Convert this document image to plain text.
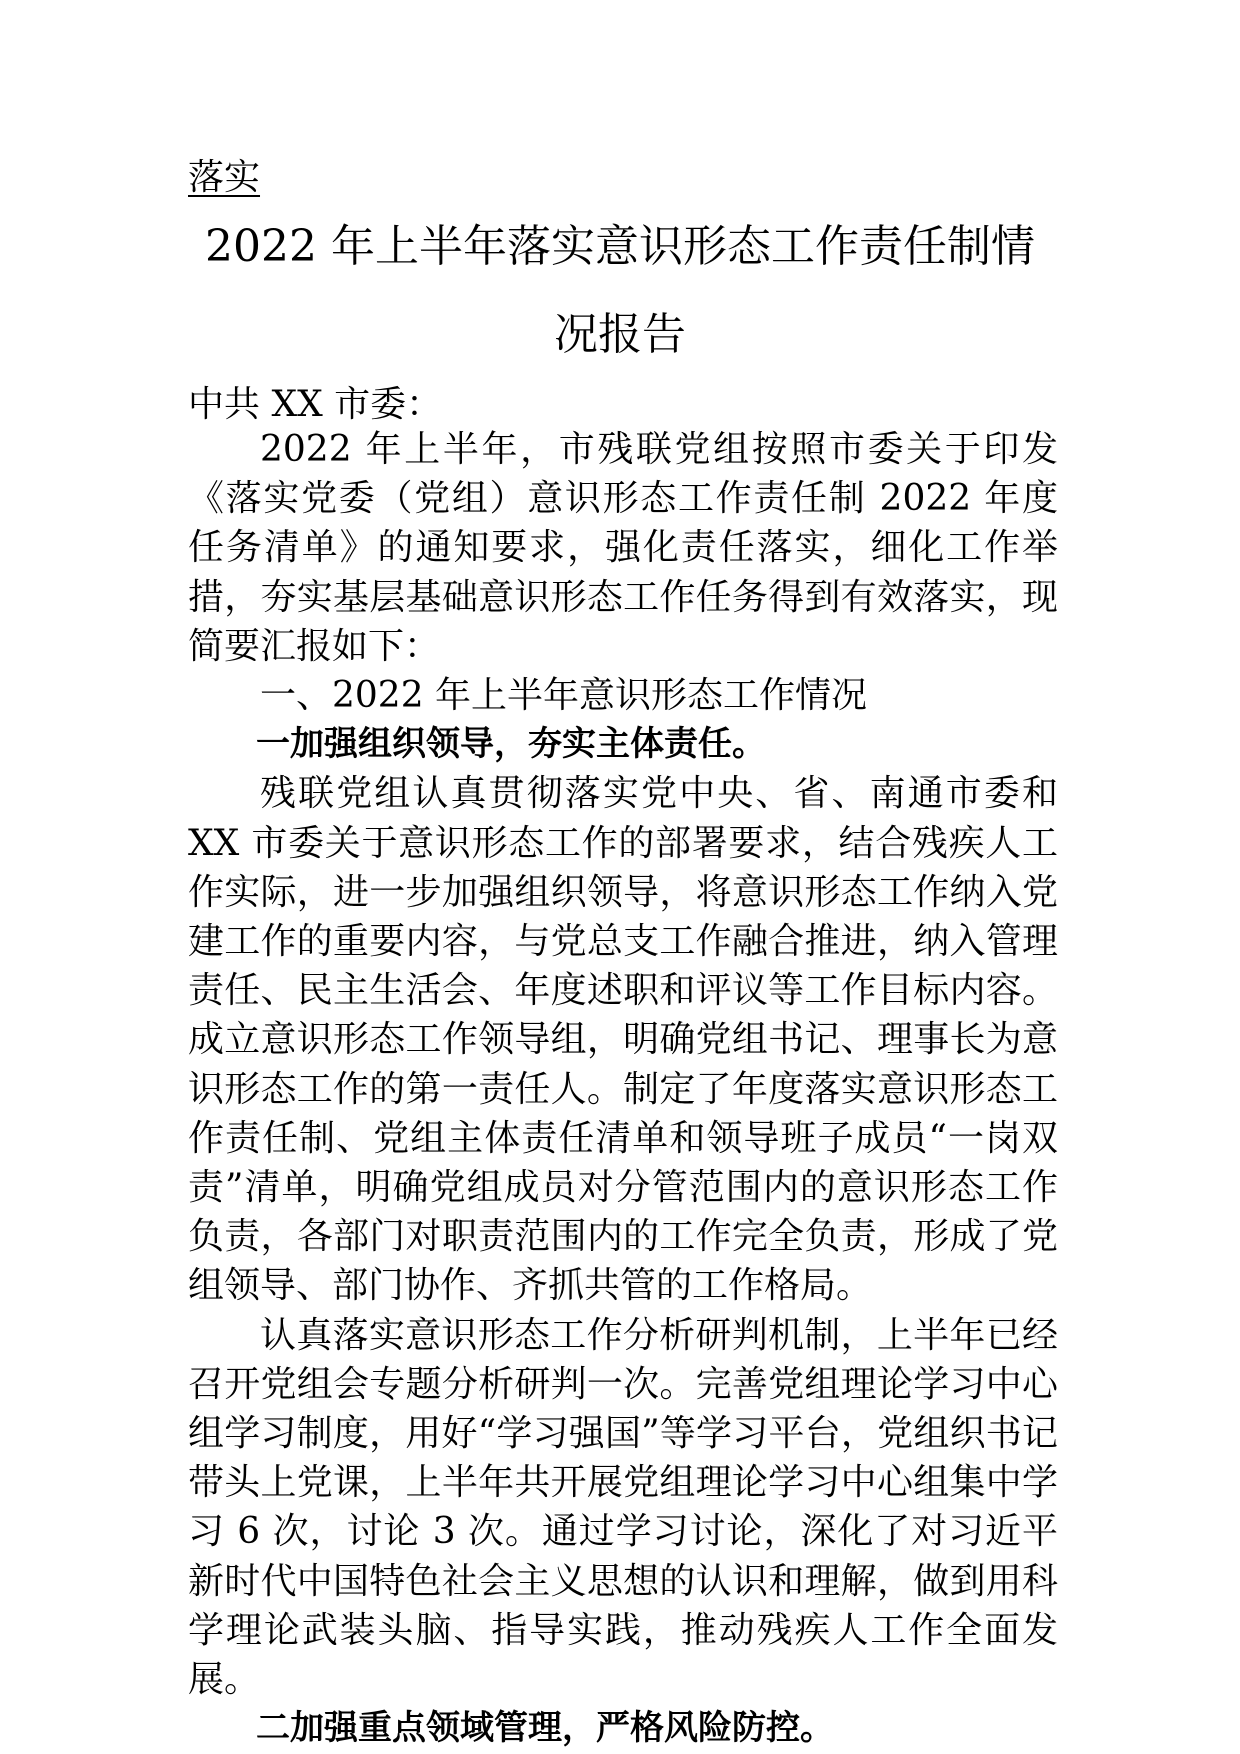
落实
2022 年上半年落实意识形态工作责任制情
况报告
中共 XX 市委：

2022 年上半年，市残联党组按照市委关于印发《落实党委（党组）意识形态工作责任制 2022 年度任务清单》的通知要求，强化责任落实，细化工作举措，夯实基层基础意识形态工作任务得到有效落实，现简要汇报如下：

一、2022 年上半年意识形态工作情况

一加强组织领导，夯实主体责任。

残联党组认真贯彻落实党中央、省、南通市委和 XX 市委关于意识形态工作的部署要求，结合残疾人工作实际，进一步加强组织领导，将意识形态工作纳入党建工作的重要内容，与党总支工作融合推进，纳入管理责任、民主生活会、年度述职和评议等工作目标内容。成立意识形态工作领导组，明确党组书记、理事长为意识形态工作的第一责任人。制定了年度落实意识形态工作责任制、党组主体责任清单和领导班子成员“一岗双责”清单，明确党组成员对分管范围内的意识形态工作负责，各部门对职责范围内的工作完全负责，形成了党组领导、部门协作、齐抓共管的工作格局。

认真落实意识形态工作分析研判机制，上半年已经召开党组会专题分析研判一次。完善党组理论学习中心组学习制度，用好“学习强国”等学习平台，党组织书记带头上党课，上半年共开展党组理论学习中心组集中学习 6 次，讨论 3 次。通过学习讨论，深化了对习近平新时代中国特色社会主义思想的认识和理解，做到用科学理论武装头脑、指导实践，推动残疾人工作全面发展。

二加强重点领域管理，严格风险防控。
